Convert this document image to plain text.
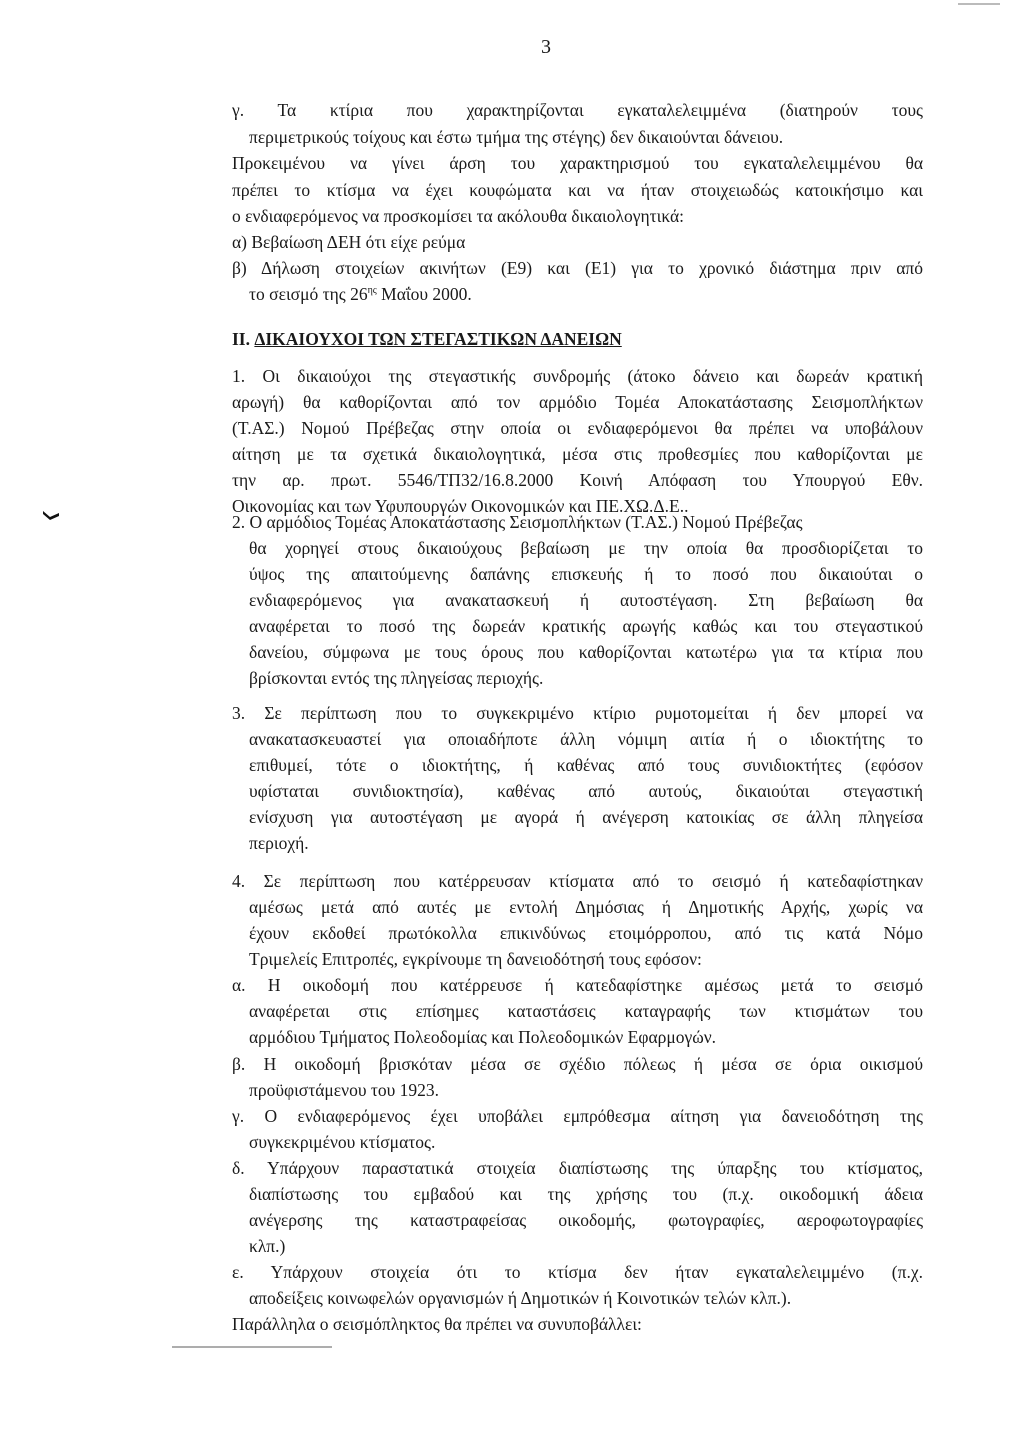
3
γ. Τα κτίρια που χαρακτηρίζονται εγκαταλελειμμένα (διατηρούν τους
περιμετρικούς τοίχους και έστω τμήμα της στέγης) δεν δικαιούνται δάνειου.
Προκειμένου να γίνει άρση του χαρακτηρισμού του εγκαταλελειμμένου θα
πρέπει το κτίσμα να έχει κουφώματα και να ήταν στοιχειωδώς κατοικήσιμο και
ο ενδιαφερόμενος να προσκομίσει τα ακόλουθα δικαιολογητικά:
α) Βεβαίωση ΔΕΗ ότι είχε ρεύμα
β) Δήλωση στοιχείων ακινήτων (Ε9) και (Ε1) για το χρονικό διάστημα πριν από
το σεισμό της $26^{\eta\varsigma}$ Μαΐου 2000.
II. ΔΙΚΑΙΟΥΧΟΙ ΤΩΝ ΣΤΕΓΑΣΤΙΚΩΝ ΔΑΝΕΙΩΝ
1. Οι δικαιούχοι της στεγαστικής συνδρομής (άτοκο δάνειο και δωρεάν κρατική
αρωγή) θα καθορίζονται από τον αρμόδιο Τομέα Αποκατάστασης Σεισμοπλήκτων
(Τ.ΑΣ.) Νομού Πρέβεζας στην οποία οι ενδιαφερόμενοι θα πρέπει να υποβάλουν
αίτηση με τα σχετικά δικαιολογητικά, μέσα στις προθεσμίες που καθορίζονται με
την αρ. πρωτ. 5546/ΤΠ32/16.8.2000 Κοινή Απόφαση του Υπουργού Εθν.
Οικονομίας και των Υφυπουργών Οικονομικών και ΠΕ.ΧΩ.Δ.Ε..
2. Ο αρμόδιος Τομέας Αποκατάστασης Σεισμοπλήκτων (Τ.ΑΣ.) Νομού Πρέβεζας
θα χορηγεί στους δικαιούχους βεβαίωση με την οποία θα προσδιορίζεται το
ύψος της απαιτούμενης δαπάνης επισκευής ή το ποσό που δικαιούται ο
ενδιαφερόμενος για ανακατασκευή ή αυτοστέγαση. Στη βεβαίωση θα
αναφέρεται το ποσό της δωρεάν κρατικής αρωγής καθώς και του στεγαστικού
δανείου, σύμφωνα με τους όρους που καθορίζονται κατωτέρω για τα κτίρια που
βρίσκονται εντός της πληγείσας περιοχής.
3. Σε περίπτωση που το συγκεκριμένο κτίριο ρυμοτομείται ή δεν μπορεί να
ανακατασκευαστεί για οποιαδήποτε άλλη νόμιμη αιτία ή ο ιδιοκτήτης το
επιθυμεί, τότε ο ιδιοκτήτης, ή καθένας από τους συνιδιοκτήτες (εφόσον
υφίσταται συνιδιοκτησία), καθένας από αυτούς, δικαιούται στεγαστική
ενίσχυση για αυτοστέγαση με αγορά ή ανέγερση κατοικίας σε άλλη πληγείσα
περιοχή.
4. Σε περίπτωση που κατέρρευσαν κτίσματα από το σεισμό ή κατεδαφίστηκαν
αμέσως μετά από αυτές με εντολή Δημόσιας ή Δημοτικής Αρχής, χωρίς να
έχουν εκδοθεί πρωτόκολλα επικινδύνως ετοιμόρροπου, από τις κατά Νόμο
Τριμελείς Επιτροπές, εγκρίνουμε τη δανειοδότησή τους εφόσον:
α. Η οικοδομή που κατέρρευσε ή κατεδαφίστηκε αμέσως μετά το σεισμό
αναφέρεται στις επίσημες καταστάσεις καταγραφής των κτισμάτων του
αρμόδιου Τμήματος Πολεοδομίας και Πολεοδομικών Εφαρμογών.
β. Η οικοδομή βρισκόταν μέσα σε σχέδιο πόλεως ή μέσα σε όρια οικισμού
προϋφιστάμενου του 1923.
γ. Ο ενδιαφερόμενος έχει υποβάλει εμπρόθεσμα αίτηση για δανειοδότηση της
συγκεκριμένου κτίσματος.
δ. Υπάρχουν παραστατικά στοιχεία διαπίστωσης της ύπαρξης του κτίσματος,
διαπίστωσης του εμβαδού και της χρήσης του (π.χ. οικοδομική άδεια
ανέγερσης της καταστραφείσας οικοδομής, φωτογραφίες, αεροφωτογραφίες
κλπ.)
ε. Υπάρχουν στοιχεία ότι το κτίσμα δεν ήταν εγκαταλελειμμένο (π.χ.
αποδείξεις κοινωφελών οργανισμών ή Δημοτικών ή Κοινοτικών τελών κλπ.).
Παράλληλα ο σεισμόπληκτος θα πρέπει να συνυποβάλλει:
